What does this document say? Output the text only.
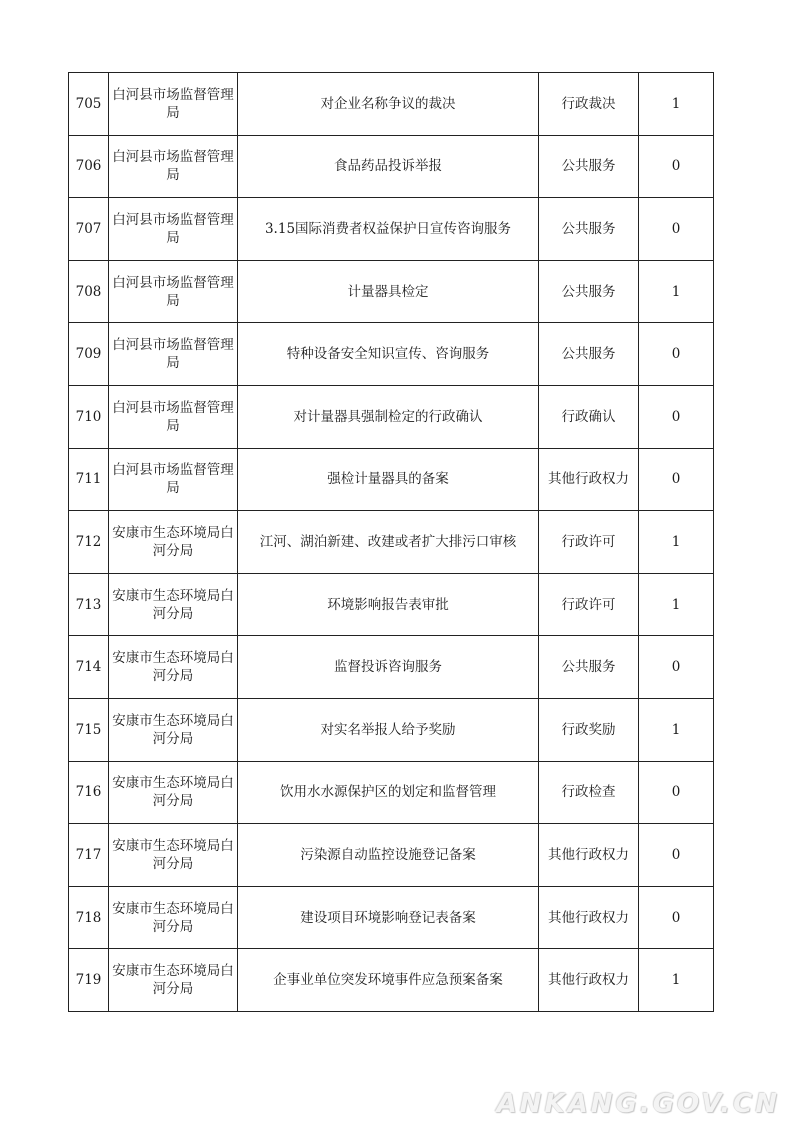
705	白河县市场监督管理局	对企业名称争议的裁决	行政裁决	1
706	白河县市场监督管理局	食品药品投诉举报	公共服务	0
707	白河县市场监督管理局	3.15国际消费者权益保护日宣传咨询服务	公共服务	0
708	白河县市场监督管理局	计量器具检定	公共服务	1
709	白河县市场监督管理局	特种设备安全知识宣传、咨询服务	公共服务	0
710	白河县市场监督管理局	对计量器具强制检定的行政确认	行政确认	0
711	白河县市场监督管理局	强检计量器具的备案	其他行政权力	0
712	安康市生态环境局白河分局	江河、湖泊新建、改建或者扩大排污口审核	行政许可	1
713	安康市生态环境局白河分局	环境影响报告表审批	行政许可	1
714	安康市生态环境局白河分局	监督投诉咨询服务	公共服务	0
715	安康市生态环境局白河分局	对实名举报人给予奖励	行政奖励	1
716	安康市生态环境局白河分局	饮用水水源保护区的划定和监督管理	行政检查	0
717	安康市生态环境局白河分局	污染源自动监控设施登记备案	其他行政权力	0
718	安康市生态环境局白河分局	建设项目环境影响登记表备案	其他行政权力	0
719	安康市生态环境局白河分局	企事业单位突发环境事件应急预案备案	其他行政权力	1
ANKANG.GOV.CN
